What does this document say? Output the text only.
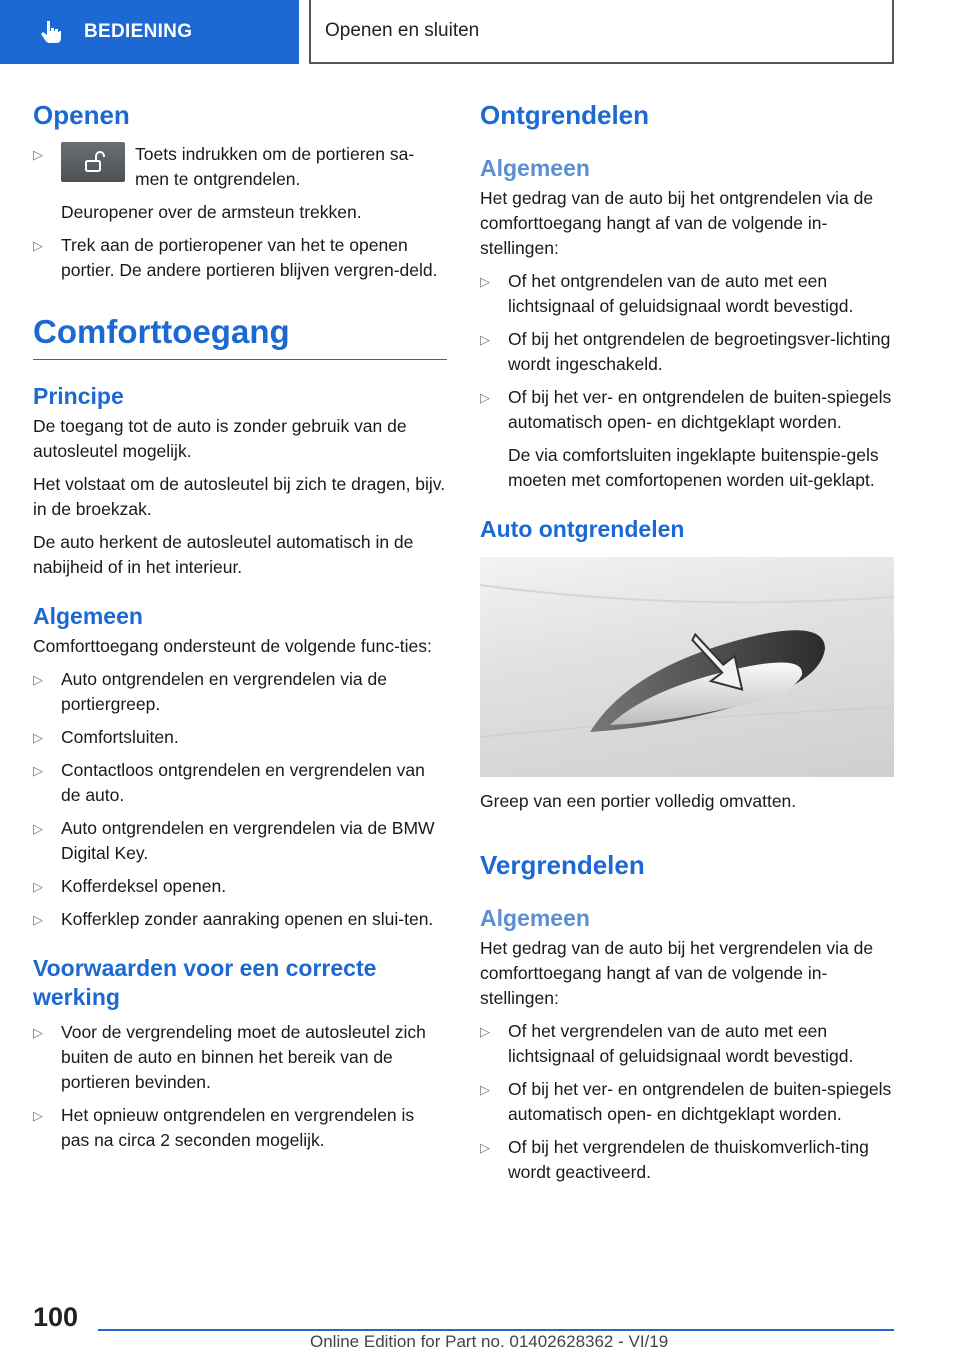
BEDIENING	Openen en sluiten
Openen
▷	Toets indrukken om de portieren sa-men te ontgrendelen.

Deuropener over de armsteun trekken.

▷ Trek aan de portieropener van het te openen portier. De andere portieren blijven vergren-deld.
Comforttoegang
Principe

De toegang tot de auto is zonder gebruik van de autosleutel mogelijk.

Het volstaat om de autosleutel bij zich te dragen, bijv. in de broekzak.

De auto herkent de autosleutel automatisch in de nabijheid of in het interieur.

Algemeen

Comforttoegang ondersteunt de volgende func-ties:

▷ Auto ontgrendelen en vergrendelen via de portiergreep.
▷ Comfortsluiten.
▷ Contactloos ontgrendelen en vergrendelen van de auto.
▷ Auto ontgrendelen en vergrendelen via de BMW Digital Key.
▷ Kofferdeksel openen.
▷ Kofferklep zonder aanraking openen en slui-ten.
Voorwaarden voor een correcte werking
▷ Voor de vergrendeling moet de autosleutel zich buiten de auto en binnen het bereik van de portieren bevinden.
▷ Het opnieuw ontgrendelen en vergrendelen is pas na circa 2 seconden mogelijk.
Ontgrendelen
Algemeen

Het gedrag van de auto bij het ontgrendelen via de comforttoegang hangt af van de volgende in-stellingen:

▷ Of het ontgrendelen van de auto met een lichtsignaal of geluidsignaal wordt bevestigd.
▷ Of bij het ontgrendelen de begroetingsver-lichting wordt ingeschakeld.
▷ Of bij het ver- en ontgrendelen de buiten-spiegels automatisch open- en dichtgeklapt worden.

De via comfortsluiten ingeklapte buitenspie-gels moeten met comfortopenen worden uit-geklapt.

Auto ontgrendelen

Greep van een portier volledig omvatten.

Vergrendelen
Algemeen

Het gedrag van de auto bij het vergrendelen via de comforttoegang hangt af van de volgende in-stellingen:

▷ Of het vergrendelen van de auto met een lichtsignaal of geluidsignaal wordt bevestigd.
▷ Of bij het ver- en ontgrendelen de buiten-spiegels automatisch open- en dichtgeklapt worden.
▷ Of bij het vergrendelen de thuiskomverlich-ting wordt geactiveerd.
100
Online Edition for Part no. 01402628362 - VI/19
